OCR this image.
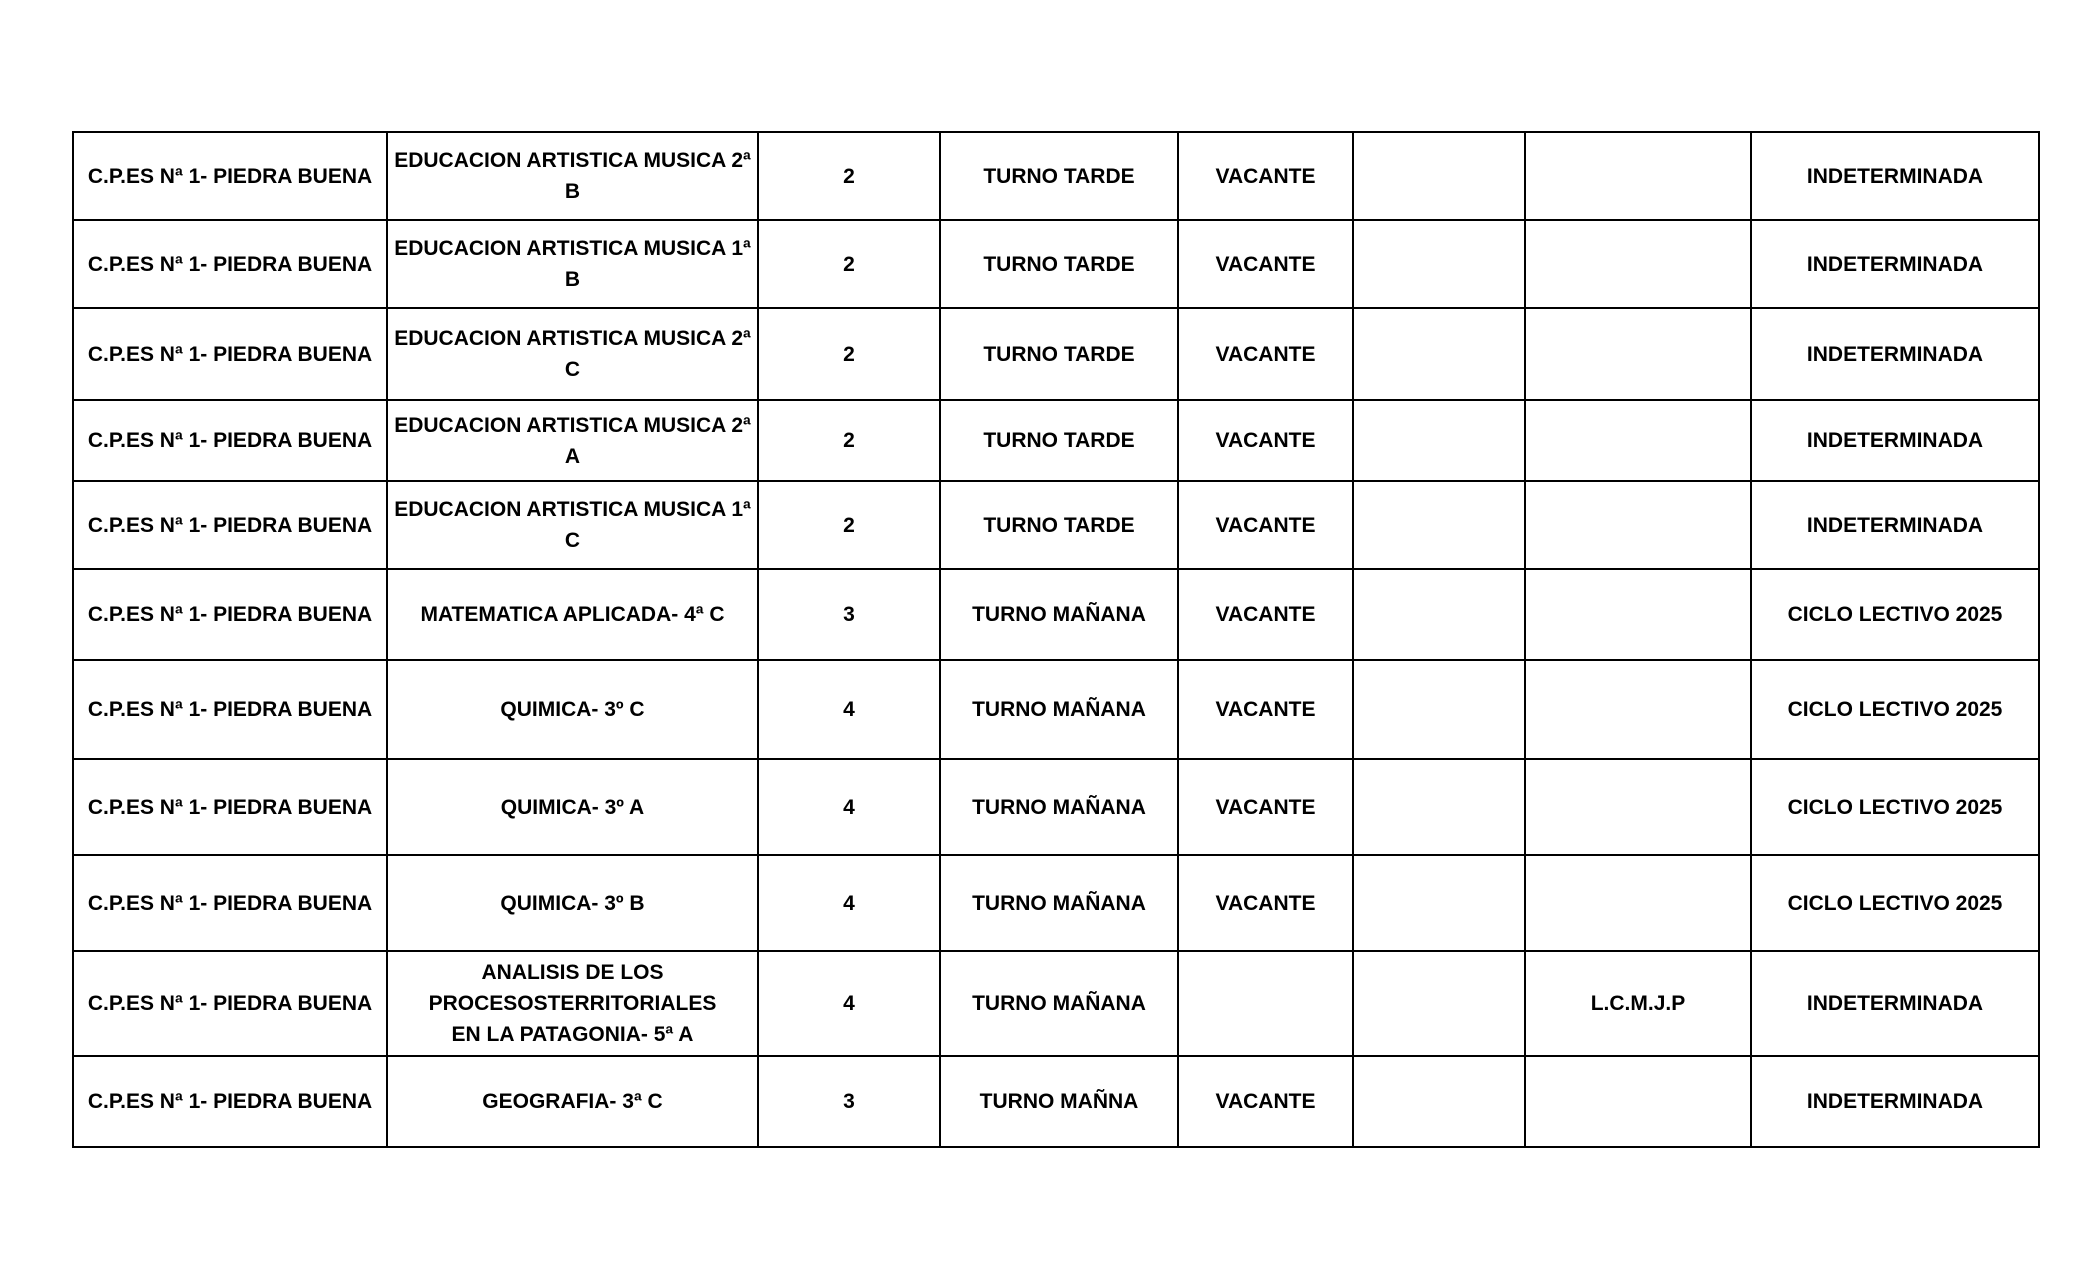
C.P.ES Nª 1- PIEDRA BUENA	EDUCACION ARTISTICA MUSICA 2ª B	2	TURNO TARDE	VACANTE			INDETERMINADA
C.P.ES Nª 1- PIEDRA BUENA	EDUCACION ARTISTICA MUSICA 1ª B	2	TURNO TARDE	VACANTE			INDETERMINADA
C.P.ES Nª 1- PIEDRA BUENA	EDUCACION ARTISTICA MUSICA 2ª C	2	TURNO TARDE	VACANTE			INDETERMINADA
C.P.ES Nª 1- PIEDRA BUENA	EDUCACION ARTISTICA MUSICA 2ª A	2	TURNO TARDE	VACANTE			INDETERMINADA
C.P.ES Nª 1- PIEDRA BUENA	EDUCACION ARTISTICA MUSICA 1ª C	2	TURNO TARDE	VACANTE			INDETERMINADA
C.P.ES Nª 1- PIEDRA BUENA	MATEMATICA APLICADA- 4ª C	3	TURNO MAÑANA	VACANTE			CICLO LECTIVO 2025
C.P.ES Nª 1- PIEDRA BUENA	QUIMICA- 3º C	4	TURNO MAÑANA	VACANTE			CICLO LECTIVO 2025
C.P.ES Nª 1- PIEDRA BUENA	QUIMICA- 3º A	4	TURNO MAÑANA	VACANTE			CICLO LECTIVO 2025
C.P.ES Nª 1- PIEDRA BUENA	QUIMICA- 3º B	4	TURNO MAÑANA	VACANTE			CICLO LECTIVO 2025
C.P.ES Nª 1- PIEDRA BUENA	ANALISIS DE LOS PROCESOSTERRITORIALES EN LA PATAGONIA- 5ª A	4	TURNO MAÑANA			L.C.M.J.P	INDETERMINADA
C.P.ES Nª 1- PIEDRA BUENA	GEOGRAFIA- 3ª C	3	TURNO MAÑNA	VACANTE			INDETERMINADA
